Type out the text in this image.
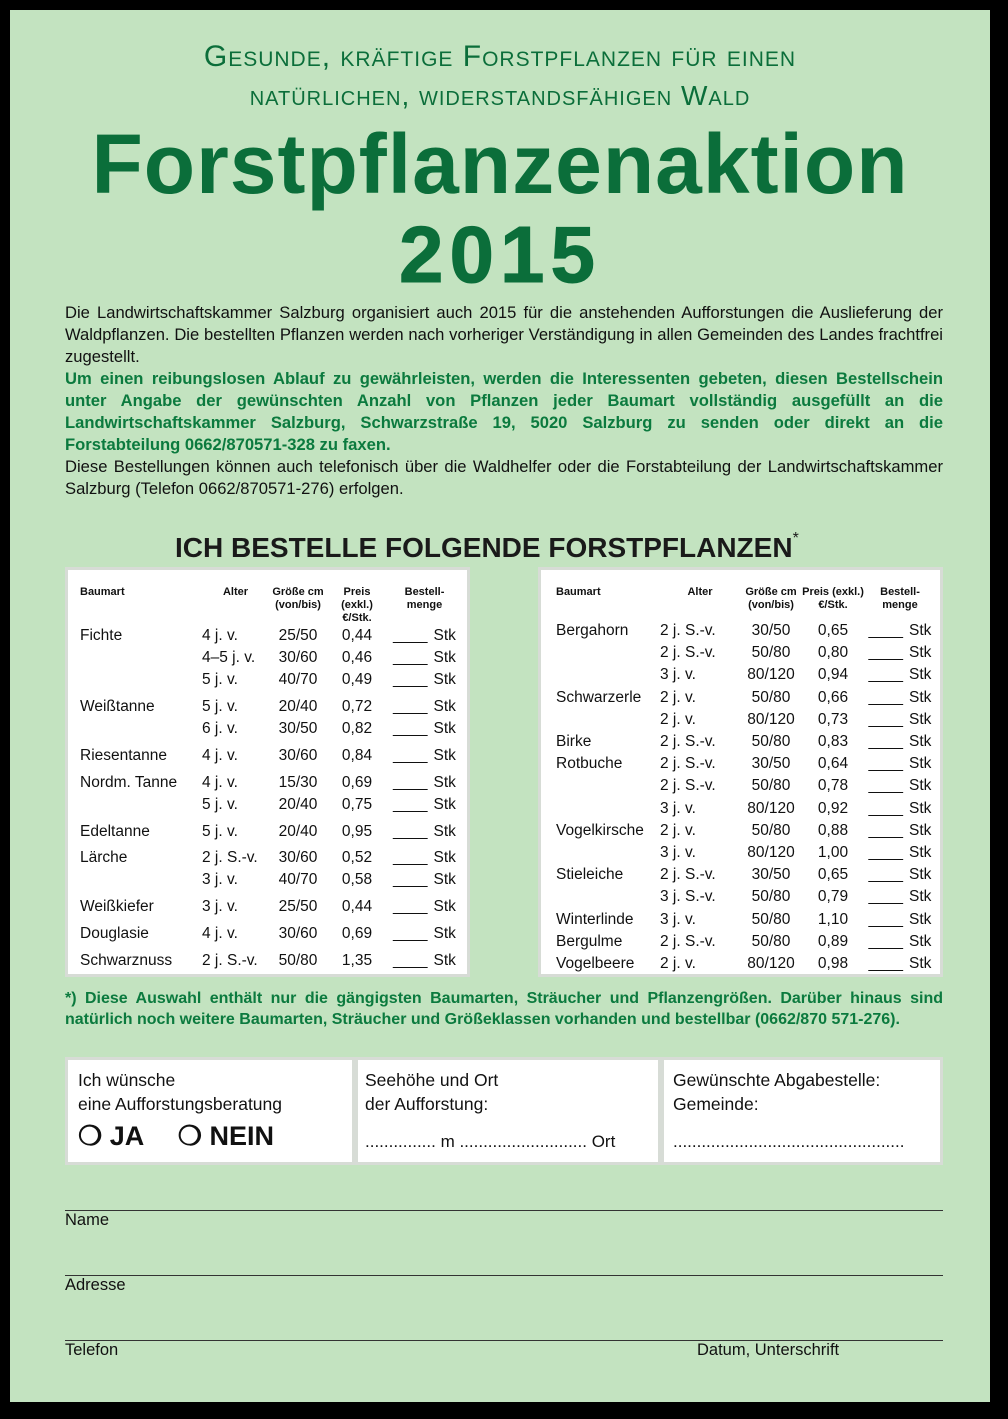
Gesunde, kräftige Forstpflanzen für einen
natürlichen, widerstandsfähigen Wald
Forstpflanzenaktion
2015

Die Landwirtschaftskammer Salzburg organisiert auch 2015 für die anstehenden Aufforstungen die Auslieferung der Waldpflanzen. Die bestellten Pflanzen werden nach vorheriger Verständigung in allen Gemeinden des Landes frachtfrei zugestellt.

Um einen reibungslosen Ablauf zu gewährleisten, werden die Interessenten gebeten, diesen Bestellschein unter Angabe der gewünschten Anzahl von Pflanzen jeder Baumart vollständig ausgefüllt an die Landwirtschaftskammer Salzburg, Schwarzstraße 19, 5020 Salzburg zu senden oder direkt an die Forstabteilung 0662/870571-328 zu faxen.

Diese Bestellungen können auch telefonisch über die Waldhelfer oder die Forstabteilung der Landwirtschaftskammer Salzburg (Telefon 0662/870571-276) erfolgen.

ICH BESTELLE FOLGENDE FORSTPFLANZEN*
Baumart	Alter	Größe cm (von/bis)	Preis (exkl.) €/Stk.	Bestell-menge
Fichte	4 j. v.	25/50	0,44	____ Stk
	4–5 j. v.	30/60	0,46	____ Stk
	5 j. v.	40/70	0,49	____ Stk

Weißtanne	5 j. v.	20/40	0,72	____ Stk
	6 j. v.	30/50	0,82	____ Stk

Riesentanne	4 j. v.	30/60	0,84	____ Stk

Nordm. Tanne	4 j. v.	15/30	0,69	____ Stk
	5 j. v.	20/40	0,75	____ Stk

Edeltanne	5 j. v.	20/40	0,95	____ Stk

Lärche	2 j. S.-v.	30/60	0,52	____ Stk
	3 j. v.	40/70	0,58	____ Stk

Weißkiefer	3 j. v.	25/50	0,44	____ Stk

Douglasie	4 j. v.	30/60	0,69	____ Stk

Schwarznuss	2 j. S.-v.	50/80	1,35	____ Stk
Baumart	Alter	Größe cm (von/bis)	Preis (exkl.) €/Stk.	Bestell-menge
Bergahorn	2 j. S.-v.	30/50	0,65	____ Stk
	2 j. S.-v.	50/80	0,80	____ Stk
	3 j. v.	80/120	0,94	____ Stk
Schwarzerle	2 j. v.	50/80	0,66	____ Stk
	2 j. v.	80/120	0,73	____ Stk
Birke	2 j. S.-v.	50/80	0,83	____ Stk
Rotbuche	2 j. S.-v.	30/50	0,64	____ Stk
	2 j. S.-v.	50/80	0,78	____ Stk
	3 j. v.	80/120	0,92	____ Stk
Vogelkirsche	2 j. v.	50/80	0,88	____ Stk
	3 j. v.	80/120	1,00	____ Stk
Stieleiche	2 j. S.-v.	30/50	0,65	____ Stk
	3 j. S.-v.	50/80	0,79	____ Stk
Winterlinde	3 j. v.	50/80	1,10	____ Stk
Bergulme	2 j. S.-v.	50/80	0,89	____ Stk
Vogelbeere	2 j. v.	80/120	0,98	____ Stk
*) Diese Auswahl enthält nur die gängigsten Baumarten, Sträucher und Pflanzengrößen. Darüber hinaus sind natürlich noch weitere Baumarten, Sträucher und Größeklassen vorhanden und bestellbar (0662/870 571-276).
Ich wünsche
eine Aufforstungsberatung
❍ JA ❍ NEIN
Seehöhe und Ort
der Aufforstung:
............... m ........................... Ort
Gewünschte Abgabestelle:
Gemeinde:
.................................................
Name
Adresse
Telefon	Datum, Unterschrift
